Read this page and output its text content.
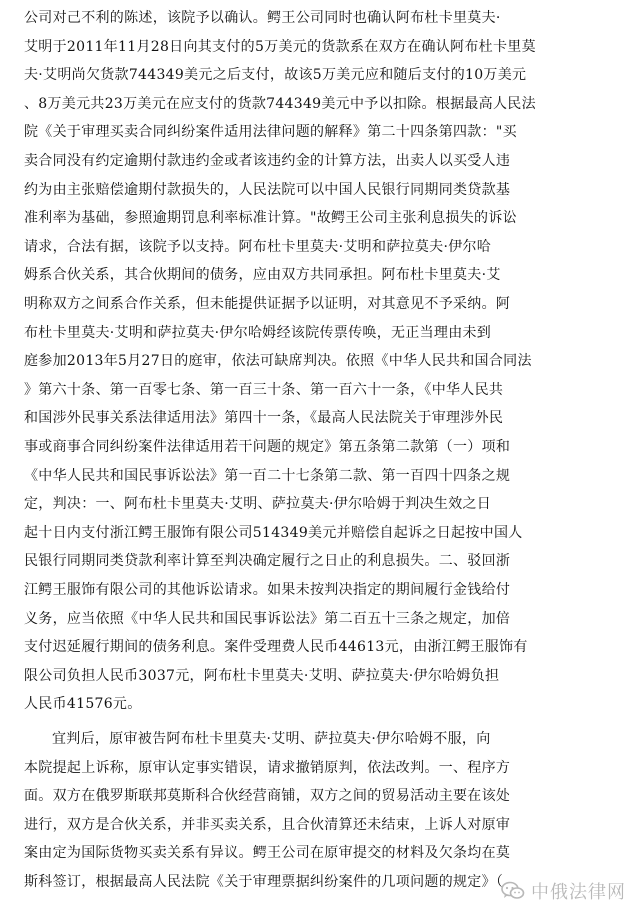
公司对己不利的陈述，该院予以确认。鳄王公司同时也确认阿布杜卡里莫夫·
艾明于2011年11月28日向其支付的5万美元的货款系在双方在确认阿布杜卡里莫
夫·艾明尚欠货款744349美元之后支付，故该5万美元应和随后支付的10万美元
、8万美元共23万美元在应支付的货款744349美元中予以扣除。根据最高人民法
院《关于审理买卖合同纠纷案件适用法律问题的解释》第二十四条第四款："买
卖合同没有约定逾期付款违约金或者该违约金的计算方法，出卖人以买受人违
约为由主张赔偿逾期付款损失的，人民法院可以中国人民银行同期同类贷款基
准利率为基础，参照逾期罚息利率标准计算。"故鳄王公司主张利息损失的诉讼
请求，合法有据，该院予以支持。阿布杜卡里莫夫·艾明和萨拉莫夫·伊尔哈
姆系合伙关系，其合伙期间的债务，应由双方共同承担。阿布杜卡里莫夫·艾
明称双方之间系合作关系，但未能提供证据予以证明，对其意见不予采纳。阿
布杜卡里莫夫·艾明和萨拉莫夫·伊尔哈姆经该院传票传唤，无正当理由未到
庭参加2013年5月27日的庭审，依法可缺席判决。依照《中华人民共和国合同法
》第六十条、第一百零七条、第一百三十条、第一百六十一条，《中华人民共
和国涉外民事关系法律适用法》第四十一条，《最高人民法院关于审理涉外民
事或商事合同纠纷案件法律适用若干问题的规定》第五条第二款第（一）项和
《中华人民共和国民事诉讼法》第一百二十七条第二款、第一百四十四条之规
定，判决：一、阿布杜卡里莫夫·艾明、萨拉莫夫·伊尔哈姆于判决生效之日
起十日内支付浙江鳄王服饰有限公司514349美元并赔偿自起诉之日起按中国人
民银行同期同类贷款利率计算至判决确定履行之日止的利息损失。二、驳回浙
江鳄王服饰有限公司的其他诉讼请求。如果未按判决指定的期间履行金钱给付
义务，应当依照《中华人民共和国民事诉讼法》第二百五十三条之规定，加倍
支付迟延履行期间的债务利息。案件受理费人民币44613元，由浙江鳄王服饰有
限公司负担人民币3037元，阿布杜卡里莫夫·艾明、萨拉莫夫·伊尔哈姆负担
人民币41576元。
宜判后，原审被告阿布杜卡里莫夫·艾明、萨拉莫夫·伊尔哈姆不服，向
本院提起上诉称，原审认定事实错误，请求撤销原判，依法改判。一、程序方
面。双方在俄罗斯联邦莫斯科合伙经营商铺，双方之间的贸易活动主要在该处
进行，双方是合伙关系，并非买卖关系，且合伙清算还未结束，上诉人对原审
案由定为国际货物买卖关系有异议。鳄王公司在原审提交的材料及欠条均在莫
斯科签订，根据最高人民法院《关于审理票据纠纷案件的几项问题的规定》（	中俄法律网
